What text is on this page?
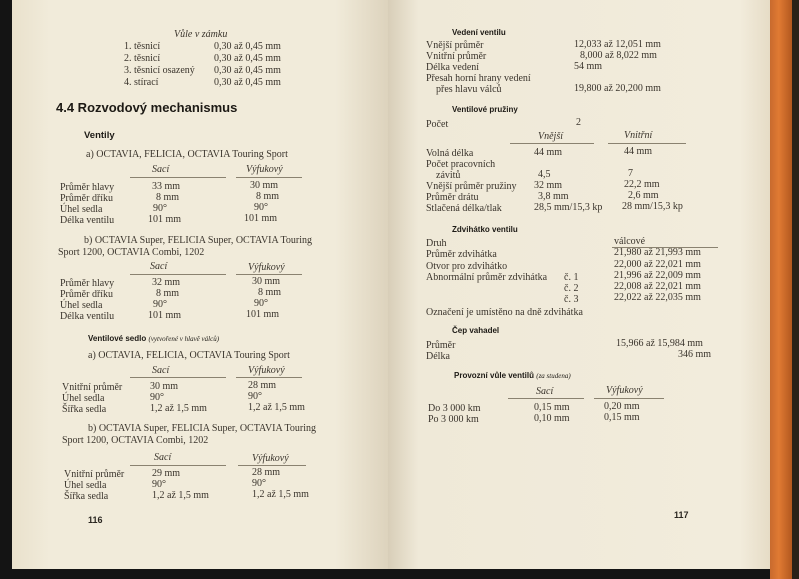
Vůle v zámku
1. těsnicí	0,30 až 0,45 mm
2. těsnicí	0,30 až 0,45 mm
3. těsnicí osazený 0,30 až 0,45 mm
4. stírací	0,30 až 0,45 mm
4.4 Rozvodový mechanismus
Ventily
a) OCTAVIA, FELICIA, OCTAVIA Touring Sport
Sací	Výfukový
Průměr hlavy	33 mm	30 mm
Průměr dříku	8 mm	8 mm
Úhel sedla	90°	90°
Délka ventilu	101 mm	101 mm
b) OCTAVIA Super, FELICIA Super, OCTAVIA Touring
Sport 1200, OCTAVIA Combi, 1202
Sací	Výfukový
Průměr hlavy	32 mm	30 mm
Průměr dříku	8 mm	8 mm
Úhel sedla	90°	90°
Délka ventilu	101 mm	101 mm
Ventilové sedlo (vytvořené v hlavě válců)
a) OCTAVIA, FELICIA, OCTAVIA Touring Sport
Sací	Výfukový
Vnitřní průměr	30 mm	28 mm
Úhel sedla	90°	90°
Šířka sedla	1,2 až 1,5 mm	1,2 až 1,5 mm
b) OCTAVIA Super, FELICIA Super, OCTAVIA Touring
Sport 1200, OCTAVIA Combi, 1202
Sací	Výfukový
Vnitřní průměr	29 mm	28 mm
Úhel sedla	90°	90°
Šířka sedla	1,2 až 1,5 mm	1,2 až 1,5 mm
116
Vedení ventilu
Vnější průměr	12,033 až 12,051 mm
Vnitřní průměr	8,000 až 8,022 mm
Délka vedení	54 mm
Přesah horní hrany vedení
přes hlavu válců	19,800 až 20,200 mm
Ventilové pružiny
Počet	2
Vnější	Vnitřní
Volná délka	44 mm	44 mm
Počet pracovních
závitů	4,5	7
Vnější průměr pružiny 32 mm	22,2 mm
Průměr drátu	3,8 mm	2,6 mm
Stlačená délka/tlak	28,5 mm/15,3 kp 28 mm/15,3 kp
Zdvihátko ventilu
Druh	válcové
Průměr zdvihátka	21,980 až 21,993 mm
Otvor pro zdvihátko	22,000 až 22,021 mm
Abnormální průměr zdvihátka č. 1	21,996 až 22,009 mm
č. 2	22,008 až 22,021 mm
č. 3	22,022 až 22,035 mm
Označení je umístěno na dně zdvihátka
Čep vahadel
Průměr	15,966 až 15,984 mm
Délka	346 mm
Provozní vůle ventilů (za studena)
Sací	Výfukový
Do 3 000 km	0,15 mm	0,20 mm
Po 3 000 km	0,10 mm	0,15 mm
117
